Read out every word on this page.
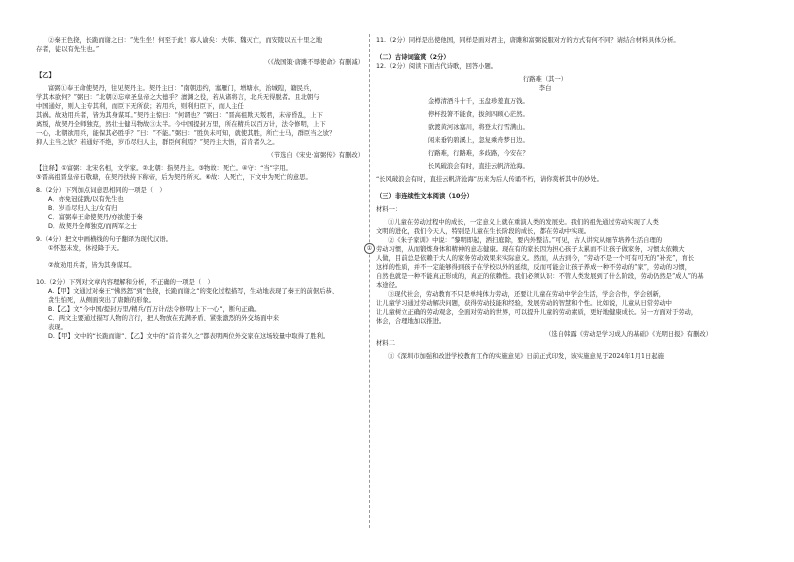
②秦王色挠，长跪而谢之曰：“先生坐！何至于此！寡人谕矣：夫韩、魏灭亡，而安陵以五十里之地
存者，徒以有先生也。”
（《战国策·唐雎不辱使命》有删减）
【乙】
富弼①奉王命使契丹，往见契丹主。契丹主曰：“南朝违约，塞雁门，增塘水，治城隍，籍民兵，
学其本欲何？”弼曰：“北朝②忘章圣皇帝之大德乎？澶渊之役，若从诸将言，北兵无得脱者。且北朝与
中国通好，则人主专其利，而臣下无所获；若用兵，则利归臣下，而人主任
其祸。故劝用兵者，皆为其身谋耳。”契丹主惊曰：“何谓也？”弼曰：“晋高祖欺天叛君，末帝昏乱，上下
离叛，故契丹全师独克，然壮士健马物故③太半。今中国提封万里，所在精兵以百万计，法令修明，上下
一心，北朝欲用兵，能保其必胜乎？”曰：“不能。”弼曰：“胜负未可知，就使其胜，所亡士马，群臣当之欤？
抑人主当之欤？若通好不绝，岁币尽归人主，群臣何利焉？”契丹主大悟，首肯者久之。
（节选自《宋史·富弼传》有删改）
【注释】①富弼：北宋名相，文学家。②北朝：指契丹主。③物故：死亡。④守：“当”字用。
⑤晋高祖晋皇帝石敬瑭，在契丹扶持下称帝，后为契丹所灭。⑥故：人死亡，下文中为死亡的意思。
8.（2分）下列加点词意思相同的一项是（　）
A．亦免冠徒跣/以有先生也
B．岁币尽归人主/女有归
C．富弼奉王命使契丹/亦欲使于秦
D．故契丹全师独克/而两军之士
9.（4分）把文中画横线的句子翻译为现代汉语。
①怀怒未发，休祲降于天。
②故劝用兵者，皆为其身谋耳。
10.（2分）下列对文章内容理解和分析，不正确的一项是（　）
A.【甲】文通过对秦王“怫然怒”到“色挠，长跪而谢之”的变化过程描写，生动地表现了秦王的前倨后恭、
贪生怕死，从侧面突出了唐雎的形象。
B.【乙】文“今中国/提封万里/精兵/百万计/法令修明/上下一心”，断句正确。
C．两文主要通过描写人物的言行，把人物放在充满矛盾、紧张激烈的外交场面中来
表现。
D.【甲】文中的“长跪而谢”、【乙】文中的“首肯者久之”都表明两位外交家在这场较量中取得了胜利。
①
11.（2分）同样是出使他国，同样是面对君主，唐雎和富弼说服对方的方式有何不同？请结合材料具体分析。
（二）古诗词鉴赏（2分）
12.（2分）阅读下面古代诗歌，回答小题。
行路难（其一）
李白
金樽清酒斗十千，玉盘珍羞直万钱。
停杯投箸不能食，拔剑四顾心茫然。
欲渡黄河冰塞川，将登太行雪满山。
闲来垂钓碧溪上，忽复乘舟梦日边。
行路难，行路难，多歧路，今安在？
长风破浪会有时，直挂云帆济沧海。
“长风破浪会有时，直挂云帆济沧海”历来为后人传诵不朽，请你赏析其中的妙处。
（三）非连续性文本阅读（10分）
材料一：
①儿童在劳动过程中的成长，一定意义上就在重演人类的发展史。我们的祖先通过劳动实现了人类
文明的进化，我们今天人，特别是儿童在生长阶段的成长，都在劳动中实现。
②《朱子家训》中说：“黎明即起，洒扫庭除，要内外整洁。”可见，古人讲究从细节培养生活自理的
劳动习惯，从而锻炼身体和精神的意志健康。现在有的家长因为担心孩子太累而不让孩子做家务，习惯太依赖大
人做，目前总是依赖于大人的家务劳动效果来实际意义。然而，从古到今，“劳动不是一个可有可无的“补充”，育长
这样的性质，并不一定能够得到孩子在学校以外的延续，反而可能会让孩子养成一种不劳动的“家”，劳动的习惯，
自然也就是一种不能真正形成的，真正的依赖性。我们必须认识：不管人类发展到了什么阶段，劳动仍然是“成人”的基
本途径。
③现代社会，劳动教育不只是单纯体力劳动，还要让儿童在劳动中学会生活，学会合作，学会创新，
让儿童学习通过劳动解决问题，获得劳动技能和经验，发展劳动的智慧和个性。比如说，儿童从日常劳动中
让儿童树立正确的劳动观念，全面对劳动的世界，可以提升儿童的劳动素质，更好地健康成长。另一方面对于劳动，
体会，合理地加以推进。
（选自韩露《劳动是学习成人的基础》《光明日报》有删改）
材料二
①《深圳市加强和改进学校教育工作的实施意见》日前正式印发，该实施意见于2024年1月1日起施
